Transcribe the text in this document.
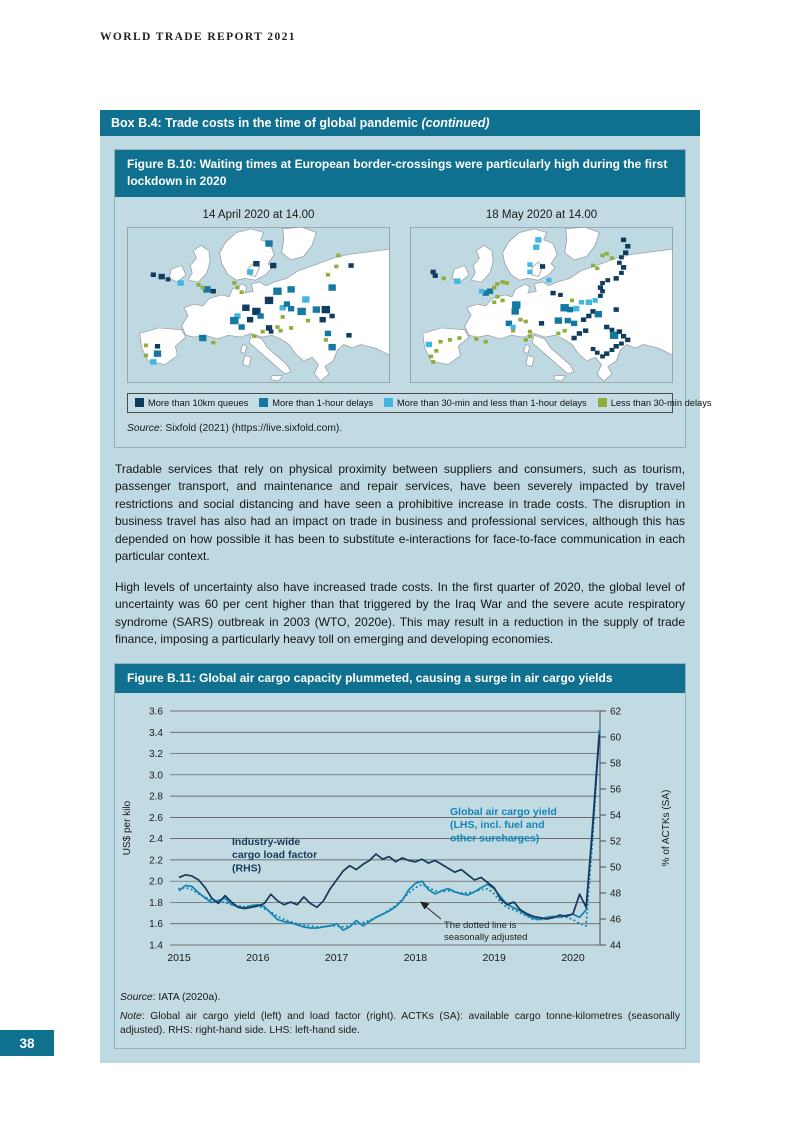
WORLD TRADE REPORT 2021
Box B.4: Trade costs in the time of global pandemic (continued)
Figure B.10: Waiting times at European border-crossings were particularly high during the first lockdown in 2020
14 April 2020 at 14.00	18 May 2020 at 14.00
More than 10km queues	More than 1-hour delays	More than 30-min and less than 1-hour delays	Less than 30-min delays

Source: Sixfold (2021) (https://live.sixfold.com).

Tradable services that rely on physical proximity between suppliers and consumers, such as tourism, passenger transport, and maintenance and repair services, have been severely impacted by travel restrictions and social distancing and have seen a prohibitive increase in trade costs. The disruption in business travel has also had an impact on trade in business and professional services, although this has depended on how possible it has been to substitute e-interactions for face-to-face communication in each particular context.

High levels of uncertainty also have increased trade costs. In the first quarter of 2020, the global level of uncertainty was 60 per cent higher than that triggered by the Iraq War and the severe acute respiratory syndrome (SARS) outbreak in 2003 (WTO, 2020e). This may result in a reduction in the supply of trade finance, imposing a particularly heavy toll on emerging and developing economies.

Figure B.11: Global air cargo capacity plummeted, causing a surge in air cargo yields
1.4
1.6
1.8
2.0
2.2
2.4
2.6
2.8
3.0
3.2
3.4
3.6
44
46
48
50
52
54
56
58
60
62
2015	2016	2017	2018	2019	2020
Industry-wide cargo load factor (RHS)
Global air cargo yield (LHS, incl. fuel and other surcharges)
The dotted line is seasonally adjusted
US$ per kilo	% of ACTKs (SA)

Source: IATA (2020a).

Note: Global air cargo yield (left) and load factor (right). ACTKs (SA): available cargo tonne-kilometres (seasonally adjusted). RHS: right-hand side. LHS: left-hand side.

38
